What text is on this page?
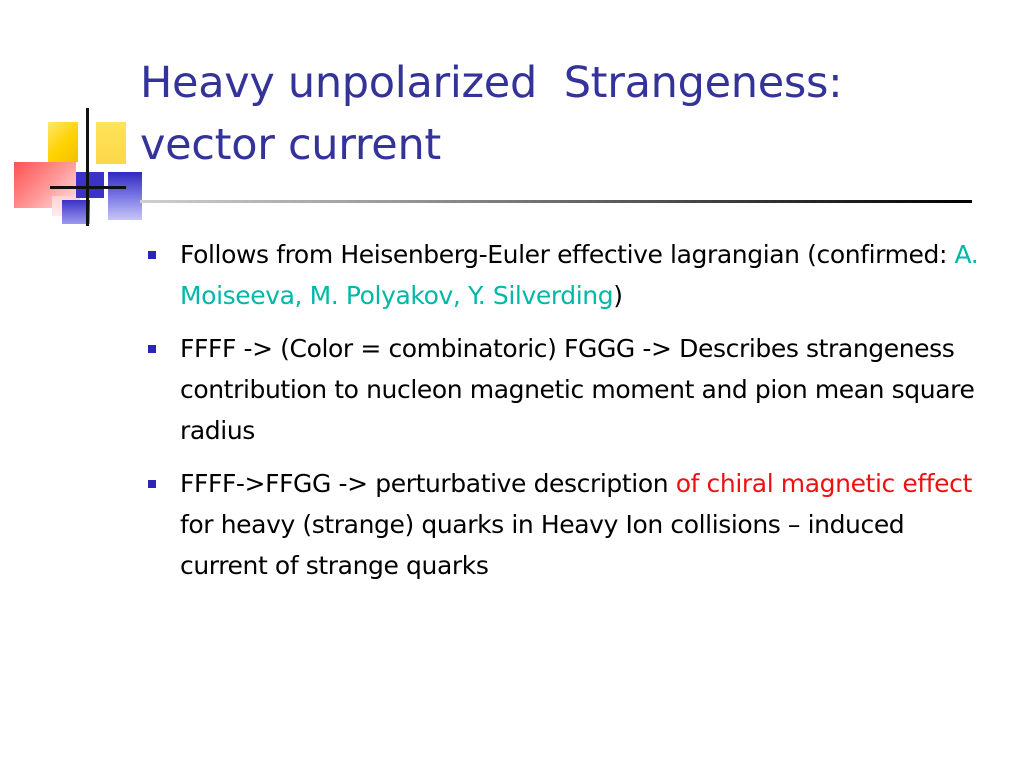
Heavy unpolarized  Strangeness:
vector current
Follows from Heisenberg-Euler effective lagrangian (confirmed: A. Moiseeva, M. Polyakov, Y. Silverding)
FFFF -> (Color = combinatoric) FGGG -> Describes strangeness contribution to nucleon magnetic moment and pion mean square radius
FFFF->FFGG -> perturbative description of chiral magnetic effect for heavy (strange) quarks in Heavy Ion collisions – induced current of strange quarks
